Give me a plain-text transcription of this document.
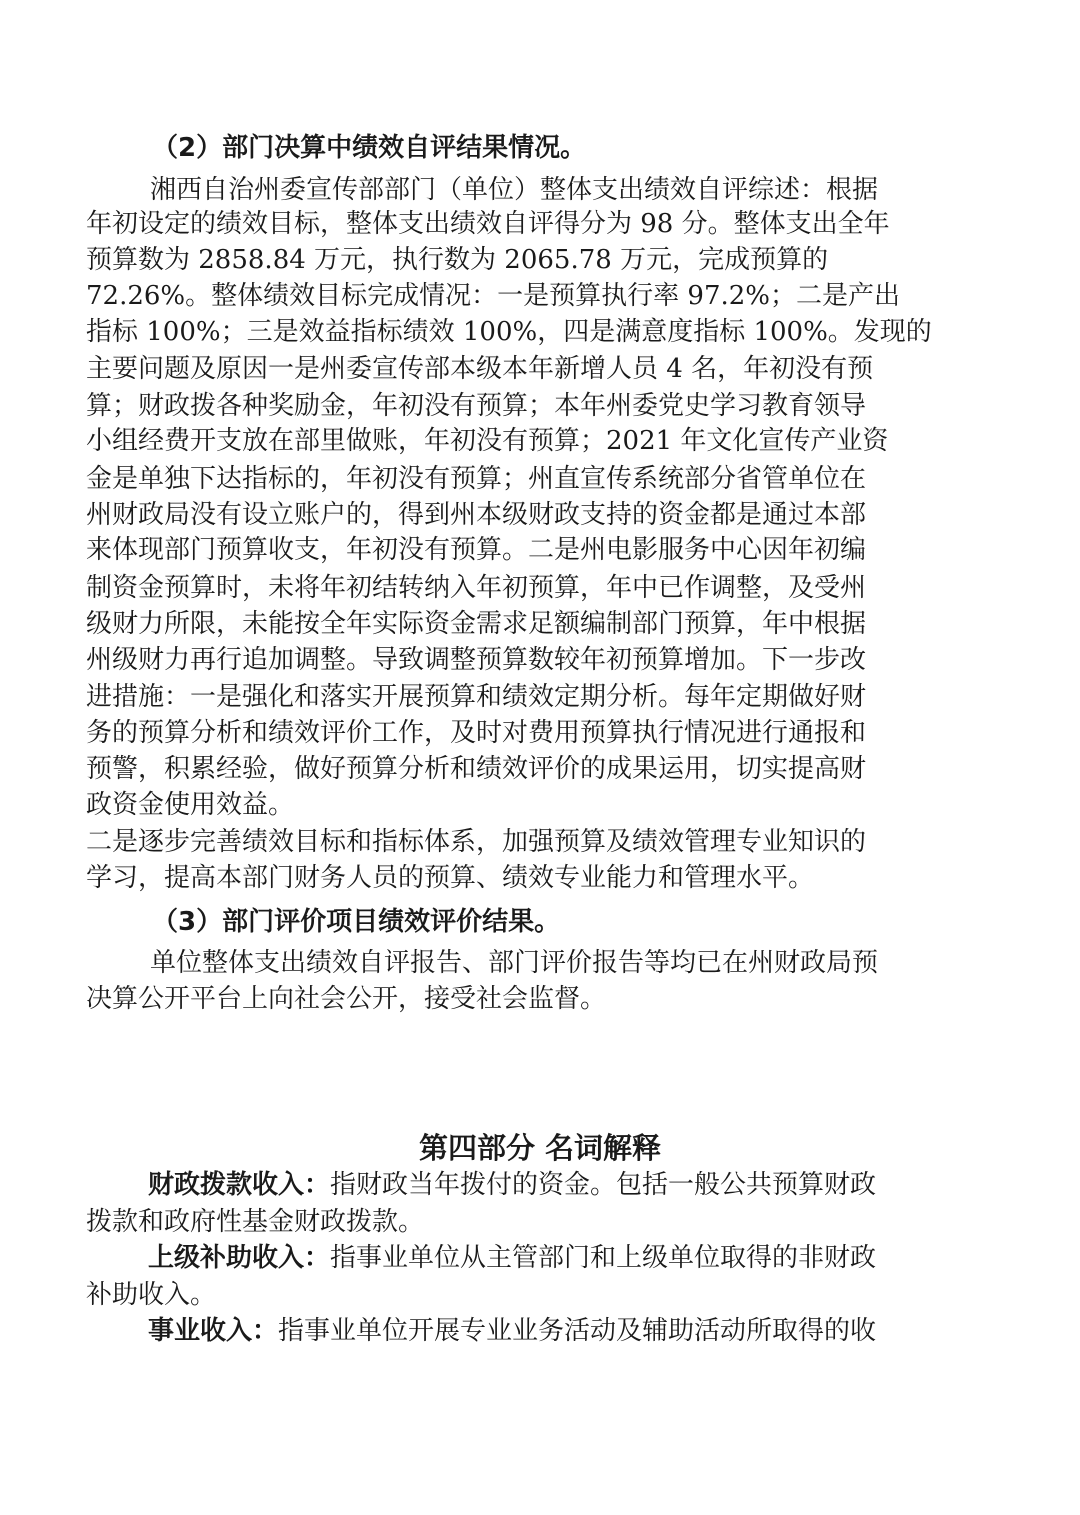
（2）部门决算中绩效自评结果情况。
湘西自治州委宣传部部门（单位）整体支出绩效自评综述：根据
年初设定的绩效目标，整体支出绩效自评得分为 98 分。整体支出全年
预算数为 2858.84 万元，执行数为 2065.78 万元，完成预算的
72.26%。整体绩效目标完成情况：一是预算执行率 97.2%；二是产出
指标 100%；三是效益指标绩效 100%，四是满意度指标 100%。发现的
主要问题及原因一是州委宣传部本级本年新增人员 4 名，年初没有预
算；财政拨各种奖励金，年初没有预算；本年州委党史学习教育领导
小组经费开支放在部里做账，年初没有预算；2021 年文化宣传产业资
金是单独下达指标的，年初没有预算；州直宣传系统部分省管单位在
州财政局没有设立账户的，得到州本级财政支持的资金都是通过本部
来体现部门预算收支，年初没有预算。二是州电影服务中心因年初编
制资金预算时，未将年初结转纳入年初预算，年中已作调整，及受州
级财力所限，未能按全年实际资金需求足额编制部门预算，年中根据
州级财力再行追加调整。导致调整预算数较年初预算增加。下一步改
进措施：一是强化和落实开展预算和绩效定期分析。每年定期做好财
务的预算分析和绩效评价工作，及时对费用预算执行情况进行通报和
预警，积累经验，做好预算分析和绩效评价的成果运用，切实提高财
政资金使用效益。
二是逐步完善绩效目标和指标体系，加强预算及绩效管理专业知识的
学习，提高本部门财务人员的预算、绩效专业能力和管理水平。
（3）部门评价项目绩效评价结果。
单位整体支出绩效自评报告、部门评价报告等均已在州财政局预
决算公开平台上向社会公开，接受社会监督。
第四部分 名词解释
财政拨款收入：指财政当年拨付的资金。包括一般公共预算财政
拨款和政府性基金财政拨款。
上级补助收入：指事业单位从主管部门和上级单位取得的非财政
补助收入。
事业收入：指事业单位开展专业业务活动及辅助活动所取得的收
